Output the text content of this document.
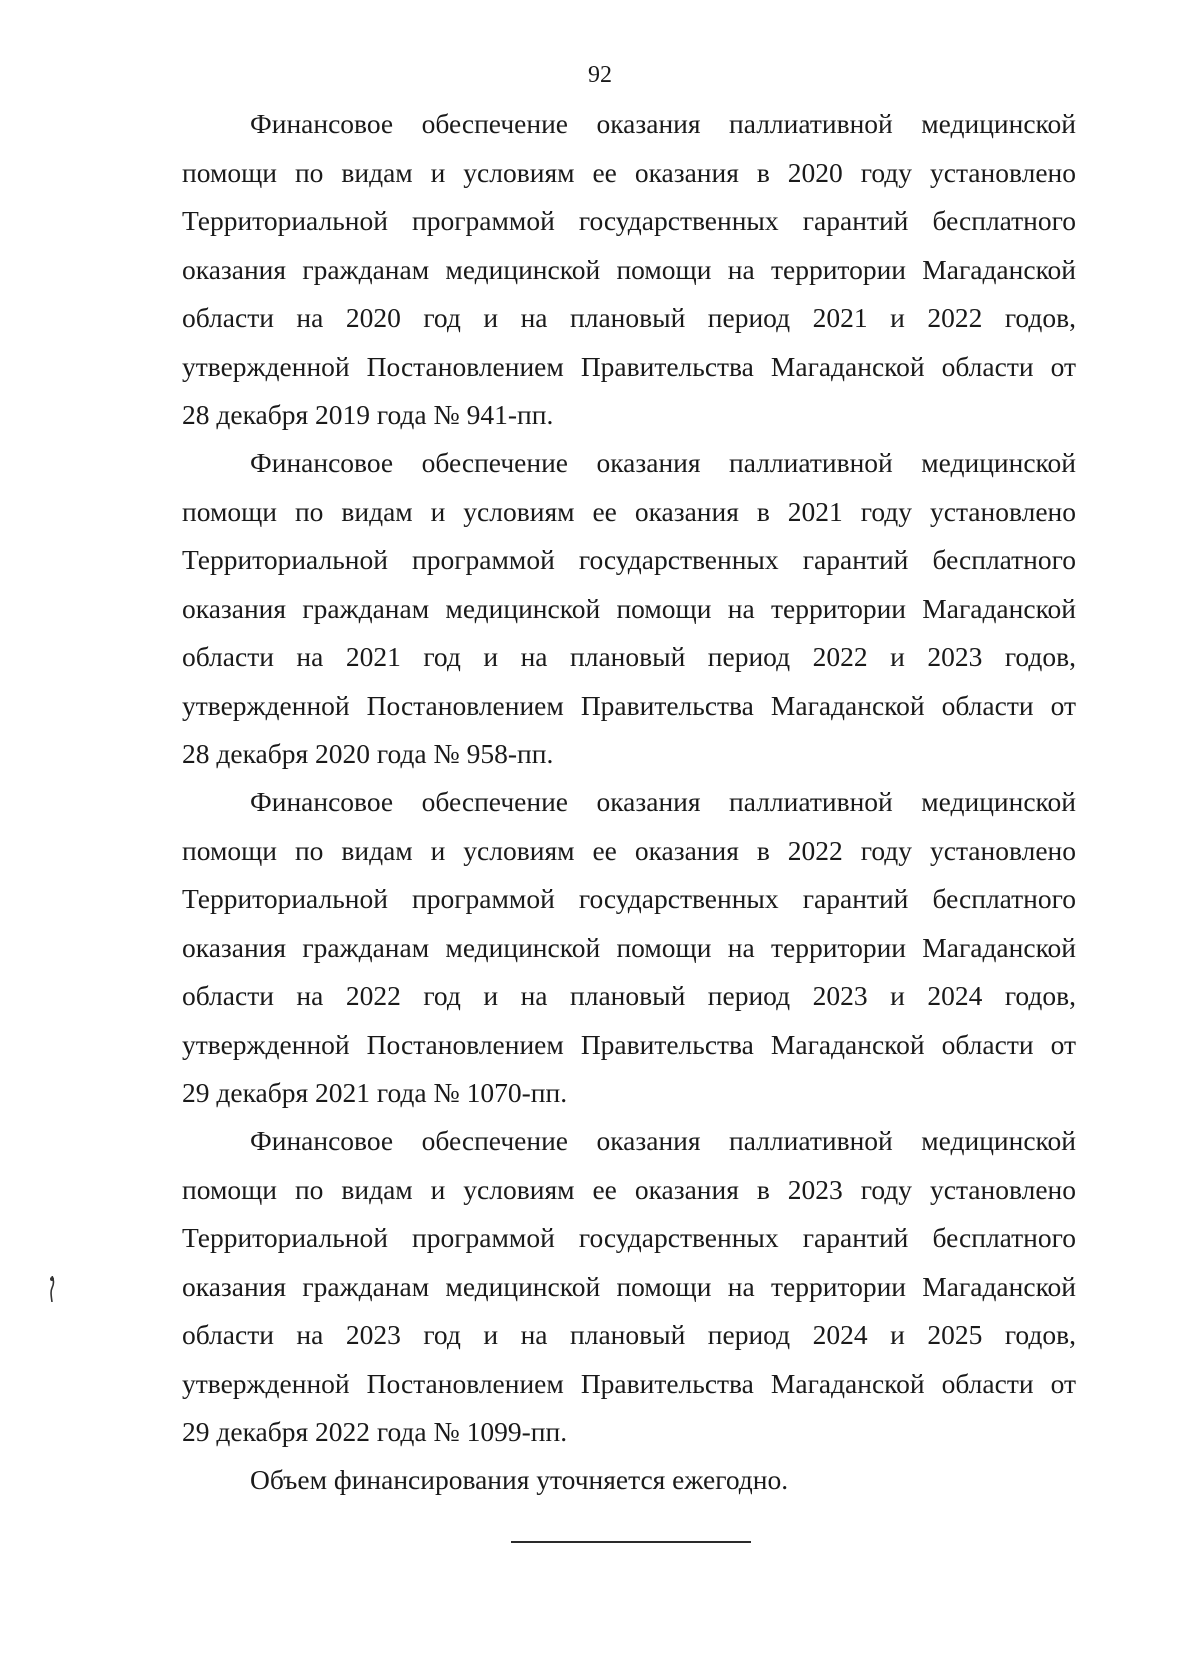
92
Финансовое обеспечение оказания паллиативной медицинской
помощи по видам и условиям ее оказания в 2020 году установлено
Территориальной программой государственных гарантий бесплатного
оказания гражданам медицинской помощи на территории Магаданской
области на 2020 год и на плановый период 2021 и 2022 годов,
утвержденной Постановлением Правительства Магаданской области от
28 декабря 2019 года № 941-пп.
Финансовое обеспечение оказания паллиативной медицинской
помощи по видам и условиям ее оказания в 2021 году установлено
Территориальной программой государственных гарантий бесплатного
оказания гражданам медицинской помощи на территории Магаданской
области на 2021 год и на плановый период 2022 и 2023 годов,
утвержденной Постановлением Правительства Магаданской области от
28 декабря 2020 года № 958-пп.
Финансовое обеспечение оказания паллиативной медицинской
помощи по видам и условиям ее оказания в 2022 году установлено
Территориальной программой государственных гарантий бесплатного
оказания гражданам медицинской помощи на территории Магаданской
области на 2022 год и на плановый период 2023 и 2024 годов,
утвержденной Постановлением Правительства Магаданской области от
29 декабря 2021 года № 1070-пп.
Финансовое обеспечение оказания паллиативной медицинской
помощи по видам и условиям ее оказания в 2023 году установлено
Территориальной программой государственных гарантий бесплатного
оказания гражданам медицинской помощи на территории Магаданской
области на 2023 год и на плановый период 2024 и 2025 годов,
утвержденной Постановлением Правительства Магаданской области от
29 декабря 2022 года № 1099-пп.
Объем финансирования уточняется ежегодно.
